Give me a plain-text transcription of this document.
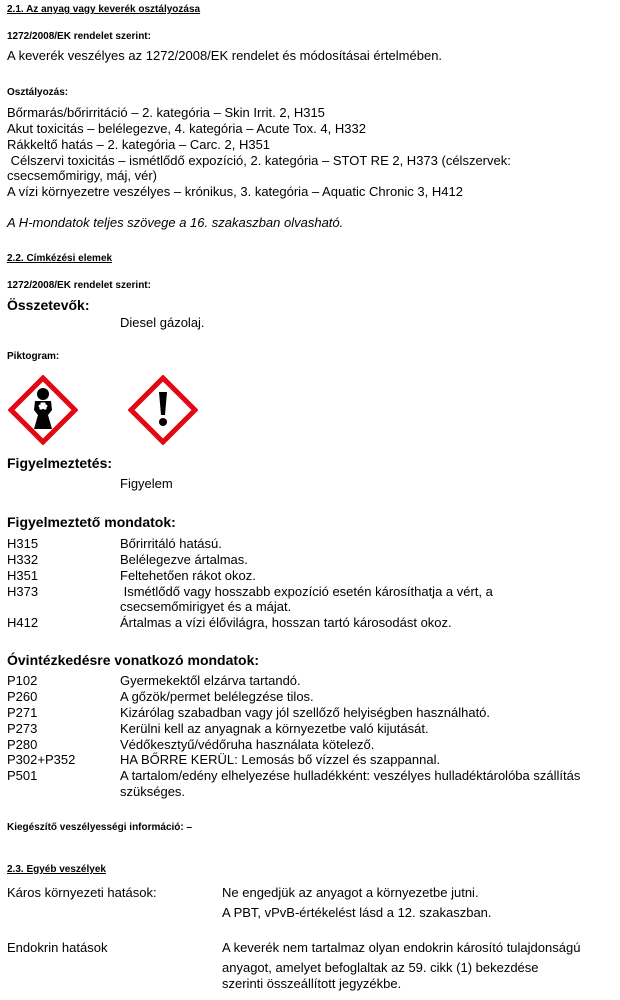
2.1. Az anyag vagy keverék osztályozása
1272/2008/EK rendelet szerint:
A keverék veszélyes az 1272/2008/EK rendelet és módosításai értelmében.
Osztályozás:
Bőrmarás/bőrirritáció – 2. kategória – Skin Irrit. 2, H315
Akut toxicitás – belélegezve, 4. kategória – Acute Tox. 4, H332
Rákkeltő hatás – 2. kategória – Carc. 2, H351
Célszervi toxicitás – ismétlődő expozíció, 2. kategória – STOT RE 2, H373 (célszervek:
csecsemőmirigy, máj, vér)
A vízi környezetre veszélyes – krónikus, 3. kategória – Aquatic Chronic 3, H412
A H-mondatok teljes szövege a 16. szakaszban olvasható.
2.2. Címkézési elemek
1272/2008/EK rendelet szerint:
Összetevők:
Diesel gázolaj.
Piktogram:
Figyelmeztetés:
Figyelem
Figyelmeztető mondatok:
H315	Bőrirritáló hatású.
H332	Belélegezve ártalmas.
H351	Feltehetően rákot okoz.
H373	Ismétlődő vagy hosszabb expozíció esetén károsíthatja a vért, a
csecsemőmirigyet és a májat.
H412	Ártalmas a vízi élővilágra, hosszan tartó károsodást okoz.
Óvintézkedésre vonatkozó mondatok:
P102	Gyermekektől elzárva tartandó.
P260	A gőzök/permet belélegzése tilos.
P271	Kizárólag szabadban vagy jól szellőző helyiségben használható.
P273	Kerülni kell az anyagnak a környezetbe való kijutását.
P280	Védőkesztyű/védőruha használata kötelező.
P302+P352	HA BŐRRE KERÜL: Lemosás bő vízzel és szappannal.
P501	A tartalom/edény elhelyezése hulladékként: veszélyes hulladéktárolóba szállítás
szükséges.
Kiegészítő veszélyességi információ: –
2.3. Egyéb veszélyek
Káros környezeti hatások:	Ne engedjük az anyagot a környezetbe jutni.
A PBT, vPvB-értékelést lásd a 12. szakaszban.
Endokrin hatások	A keverék nem tartalmaz olyan endokrin károsító tulajdonságú
anyagot, amelyet befoglaltak az 59. cikk (1) bekezdése
szerinti összeállított jegyzékbe.
